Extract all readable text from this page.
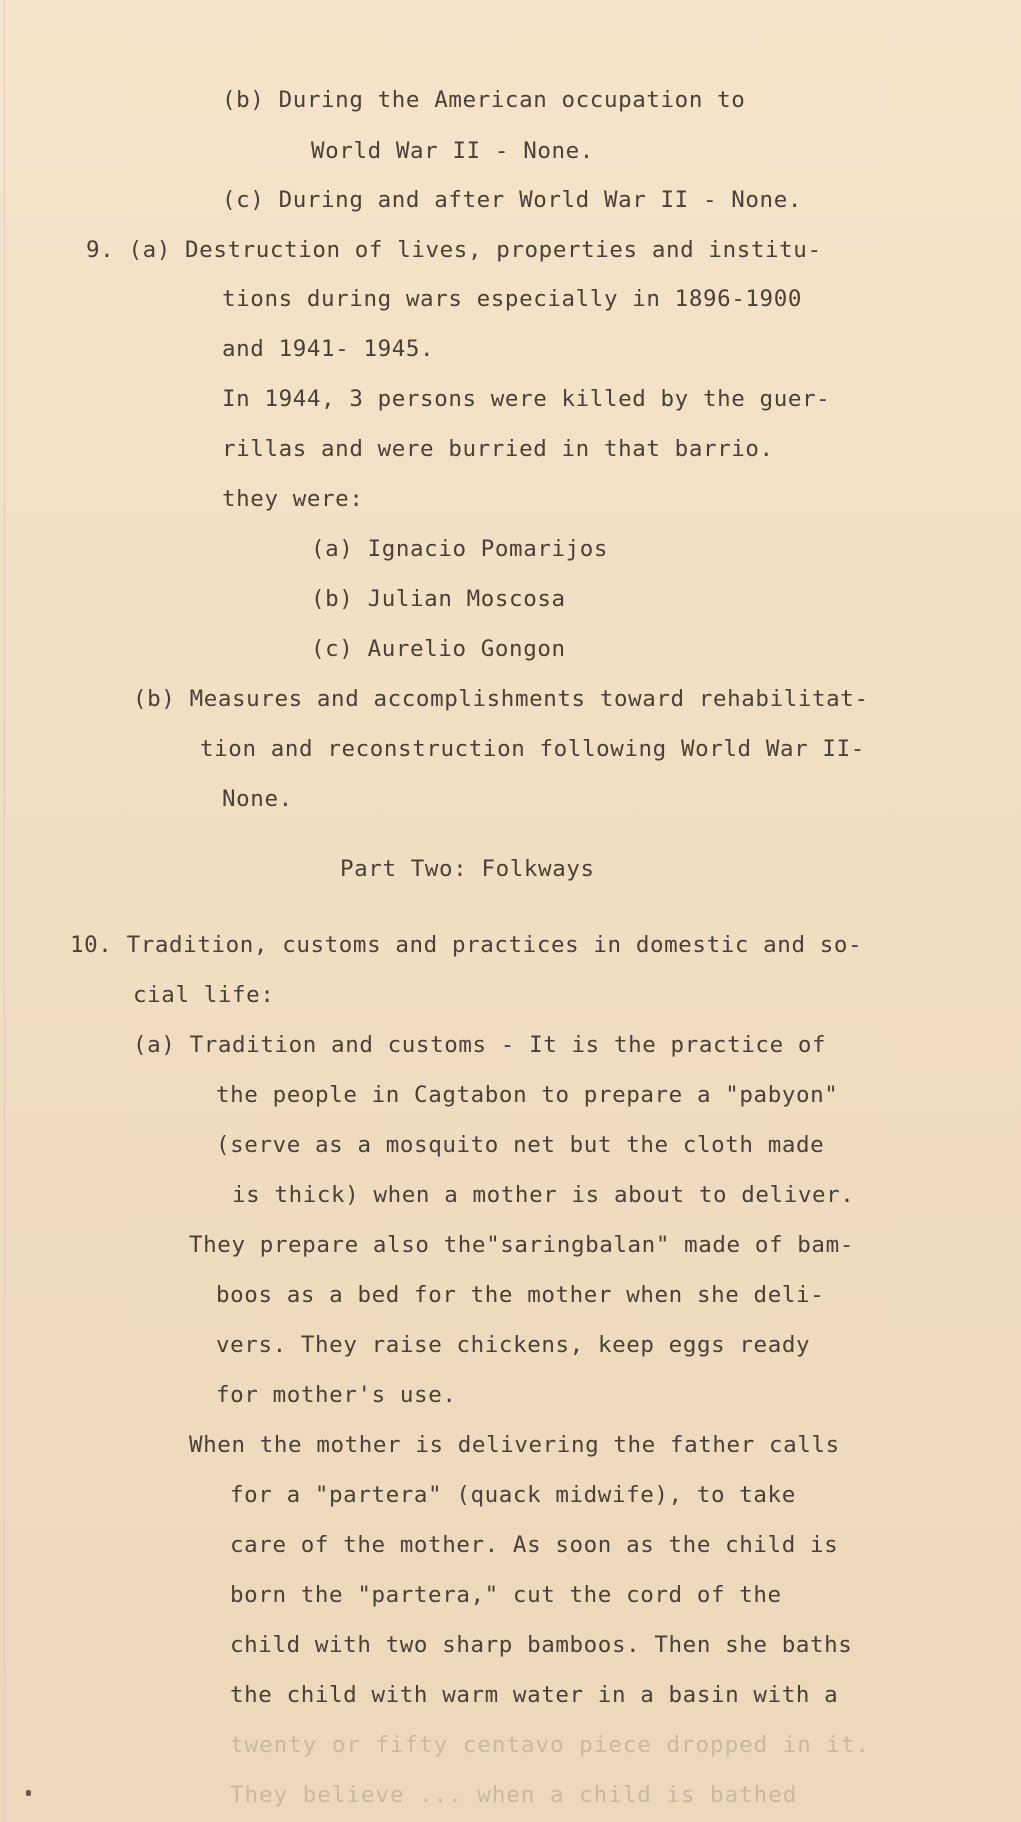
(b) During the American occupation to
World War II - None.
(c) During and after World War II - None.
9. (a) Destruction of lives, properties and institu-
tions during wars especially in 1896-1900
and 1941- 1945.
In 1944, 3 persons were killed by the guer-
rillas and were burried in that barrio.
they were:
(a) Ignacio Pomarijos
(b) Julian Moscosa
(c) Aurelio Gongon
(b) Measures and accomplishments toward rehabilitat-
tion and reconstruction following World War II-
None.
Part Two: Folkways
10. Tradition, customs and practices in domestic and so-
cial life:
(a) Tradition and customs - It is the practice of
the people in Cagtabon to prepare a "pabyon"
(serve as a mosquito net but the cloth made
is thick) when a mother is about to deliver.
They prepare also the"saringbalan" made of bam-
boos as a bed for the mother when she deli-
vers. They raise chickens, keep eggs ready
for mother's use.
When the mother is delivering the father calls
for a "partera" (quack midwife), to take
care of the mother. As soon as the child is
born the "partera," cut the cord of the
child with two sharp bamboos. Then she baths
the child with warm water in a basin with a
twenty or fifty centavo piece dropped in it.
They believe ... when a child is bathed
